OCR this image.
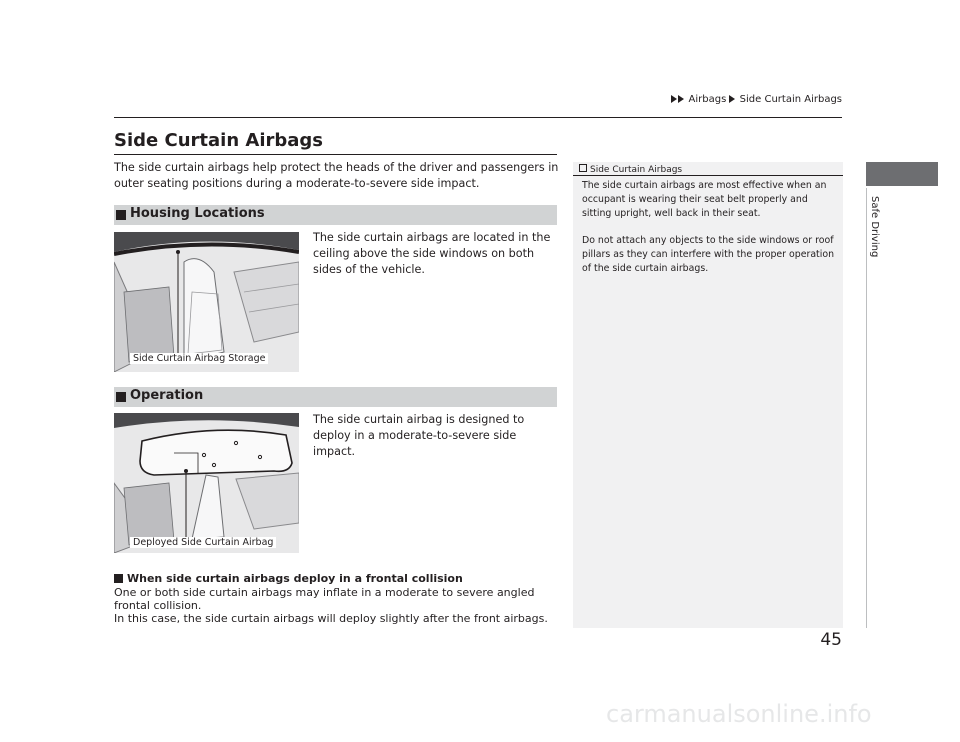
Airbags Side Curtain Airbags
Safe Driving
Side Curtain Airbags
The side curtain airbags help protect the heads of the driver and passengers in outer seating positions during a moderate-to-severe side impact.
Housing Locations
Side Curtain Airbag Storage
The side curtain airbags are located in the ceiling above the side windows on both sides of the vehicle.
Operation
Deployed Side Curtain Airbag
The side curtain airbag is designed to deploy in a moderate-to-severe side impact.
When side curtain airbags deploy in a frontal collision
One or both side curtain airbags may inflate in a moderate to severe angled frontal collision.
In this case, the side curtain airbags will deploy slightly after the front airbags.
Side Curtain Airbags
The side curtain airbags are most effective when an occupant is wearing their seat belt properly and sitting upright, well back in their seat.
Do not attach any objects to the side windows or roof pillars as they can interfere with the proper operation of the side curtain airbags.
45
carmanualsonline.info
